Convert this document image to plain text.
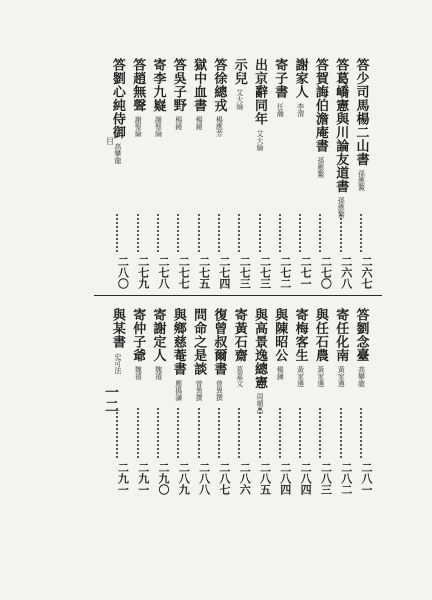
目
一二
答少司馬楊二山書
孫應鰲
二六七
答葛嶠憲與川論友道書
孫應鰲
二六八
答賀誨伯澹庵書
孫應鰲
二七〇
謝家人
李渭
二七一
寄子書
任瀚
二七二
出京辭同年
艾大綸
二七三
示兒
艾大綸
二七三
答徐總戎
楊應芳
二七四
獄中血書
楊鏡
二七五
答吳子野
楊鏡
二七七
寄李九嶷
謝聖綸
二七八
答趙無聲
謝聖綸
二七九
答劉心純侍御
高攀龍
二八〇
答劉念臺
高攀龍
二八一
寄任化南
黃家遴
二八二
與任石農
黃家遴
二八三
寄梅客生
黃家遴
二八四
與陳昭公
楊鍊
二八四
與高景逸總憲
周順昌
二八五
寄黃石齋
葛嘉文
二八六
復曾叔爾書
曾異撰
二八七
問命之是談
曾異撰
二八八
與鄉慈菴書
應撝謙
二八九
寄謝定人
魏禧
二九〇
寄仲子爺
魏禧
二九一
與某書
史可法
二九一
